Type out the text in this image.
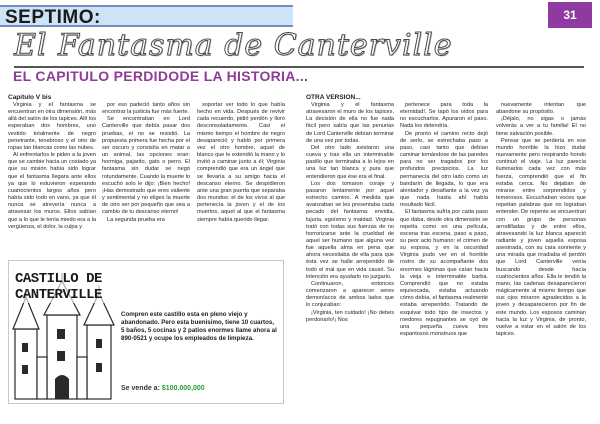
SEPTIMO:	31
El Fantasma de Canterville
EL CAPITULO PERDIDODE LA HISTORIA...
Capitulo V bis	OTRA VERSION...

Virginia y el fantasma se encuentran en otra dimensión, más allá del salón de los tapices. Allí los esperaban dos hombres, uno vestido totalmente de negro penetrante, tenebroso y el otro de ropas tan blancas como las nubes.

Al enfrentarlos le piden a la joven que se cambie hacia un costado ya que su misión había sido lograr que el fantasma llegara ante ellos ya que lo estuvieron esperando cuatrocientos largos años pero había sido todo en vano, ya que él nunca se atrevería nunca a atravesar los muros. Ellos sabían que a lo que le tenía miedo era a la vergüenza, el dolor, la culpa y

por eso padeció tanto años sin encontrar la justicia fue más fuerte.

Se encontraban en Lord Canterville que debía pasar dos pruebas, el no se resistió. La propuesta primera fue hecha por el ser oscuro y consistía en matar a un animal, las opciones eran: hormiga, pajarito, gato o perro. El fantasma sin dudar se negó rotundamente. Cuando la muerte lo escuchó solo le dijo: ¡Bien hecho!¡Has demostrado que eres valiente y sentimental y no eliges la muerte de otro ser por pequeño que sea a cambio de tu descanso eterno!

La segunda prueba era

soportar ver todo lo que había hecho en vida. Después de revivir cada recuerdo, pidió perdón y lloró desconsoladamente. Casi el mismo tiempo el hombre de negro desapareció y habló por primera vez el otro hombre, aquel de blanco que le extendió la mano y lo invitó a caminar junto a él; Virginia comprendió que era un ángel que se llevaría a su amigo hacia el descanso eterno. Se despidieron ante una gran puerta que separaba dos mundos: el de los vivos al que pertenecía la joven y el de los muertos, aquel al que el fantasma siempre había querido llegar.

Virginia y el fantasma atravesaron el muro de los tapices. La decisión de ella no fue nada fácil pero sabía que las penurias de Lord Canterville debían terminar de una vez por todas.

Del otro lado avistaron una cueva y tras ella un interminable pasillo que terminaba a lo lejos en una luz tan blanca y pura que entendieron que ése era el final.

Los dos tomaron coraje y pasaron lentamente por aquel estrecho camino. A medida que avanzaban se les presentaba cada pecado del fantasma: envidia, lujuria, egoísmo y maldad. Virginia trató con todas sus fuerzas de no horrorizarse ante la crueldad de aquel ser humano que alguna vez fue aquella alma en pena que ahora necesitaba de ella para que ésta vez se halle arrepentido de todo el mal que en vida causó. Su intención era ayudarlo no juzgarlo.

Continuaron, entonces comenzaron a aparecer seres demoníacos de ambos lados que lo conjuraban:

¡Virginia, ten cuidado! ¡No debes perdonarlo!¡ Nos

pertenece para toda la eternidad!. Se tapó los oídos para no escucharlos. Apuraron el paso. Nada los detendría.

De pronto el camino recto dejó de serlo, se estrechaba paso a paso, casi tanto que debían caminar tomándose de las paredes para no ser tragados por los profundos precipicios. La luz permanecía del otro lado como un bandarín de llegada, lo que era alentador y desafiante a la vez ya que nada hasta ahí había resultado fácil.

El fantasma sufría por cada paso que daba, desde otra dimensión se repetía como en una película, escena tras escena, paso a paso, su peor acto humano: el crimen de su esposa, y en la oscuridad Virginia pudo ver en el horrible rostro de su acompañante dos enormes lágrimas que caían hacia la vieja e interminable barba. Comprendió que no estaba equivocada, estaba actuando cómo debía, el fantasma realmente estaba arrepentido. Tratando de esquivar todo tipo de insectos y roedores repugnantes se oyó de una pequeña cueva tres espantosos monstruos que

nuevamente intentan que abandone su propósito.

¡Déjalo, no sigas o jamás volverás a ver a tu familia! El no tiene salvación posible.

Pensar que se perdería en ese mundo horrible la hizo dudar nuevamente pero respirando hondo continuó el viaje. La luz parecía iluminarlos cada vez con más fuerza, comprendió que el fin estaba cerca. No dejaban de mirarse entre sorprendidos y temerosos. Escuchaban voces que repetían palabras que no lograban entender. De repente se encuentran con un grupo de personas arrodilladas y de entre ellos, atravesando la luz blanca apareció radiante y joven aquella esposa asesinada, con su cara sonriente y una mirada que irradiaba el perdón que Lord Canterville venía buscando desde hacía cuatrocientos años. Ella le tendió la mano, las cadenas desaparecieron mágicamente al mismo tiempo que sus ojos miraron agradecidos a la joven y desaparecieron por fin de este mundo. Los esposos caminan hacia la luz y Virginia, de pronto, vuelve a estar en el salón de los tapices.

CASTILLO DE CANTERVILLE
Compren este castillo esta en pleno viejo y abandonado. Pero esta buenisimo, tiene 10 cuartos, 5 baños, 5 cocinas y 2 patios enormes llame ahora al 890-0521 y ocupe los empleados de limpieza.
Se vende a: $100.000,000
